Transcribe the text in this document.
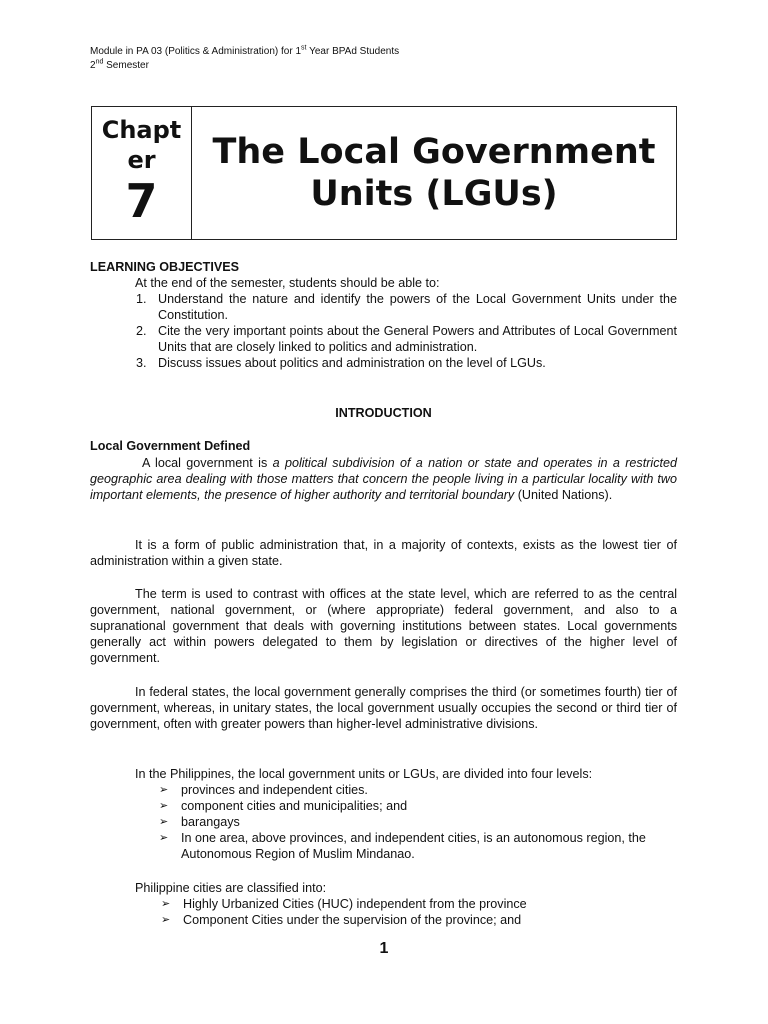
Module in PA 03 (Politics & Administration) for 1st Year BPAd Students
2nd Semester
Chapter
7
The Local Government Units (LGUs)
LEARNING OBJECTIVES
At the end of the semester, students should be able to:
1. Understand the nature and identify the powers of the Local Government Units under the Constitution.
2. Cite the very important points about the General Powers and Attributes of Local Government Units that are closely linked to politics and administration.
3. Discuss issues about politics and administration on the level of LGUs.
INTRODUCTION
Local Government Defined
A local government is a political subdivision of a nation or state and operates in a restricted geographic area dealing with those matters that concern the people living in a particular locality with two important elements, the presence of higher authority and territorial boundary (United Nations).
It is a form of public administration that, in a majority of contexts, exists as the lowest tier of administration within a given state.
The term is used to contrast with offices at the state level, which are referred to as the central government, national government, or (where appropriate) federal government, and also to a supranational government that deals with governing institutions between states. Local governments generally act within powers delegated to them by legislation or directives of the higher level of government.
In federal states, the local government generally comprises the third (or sometimes fourth) tier of government, whereas, in unitary states, the local government usually occupies the second or third tier of government, often with greater powers than higher-level administrative divisions.
In the Philippines, the local government units or LGUs, are divided into four levels:
➢ provinces and independent cities.
➢ component cities and municipalities; and
➢ barangays
➢ In one area, above provinces, and independent cities, is an autonomous region, the Autonomous Region of Muslim Mindanao.
Philippine cities are classified into:
➢ Highly Urbanized Cities (HUC) independent from the province
➢ Component Cities under the supervision of the province; and
1
